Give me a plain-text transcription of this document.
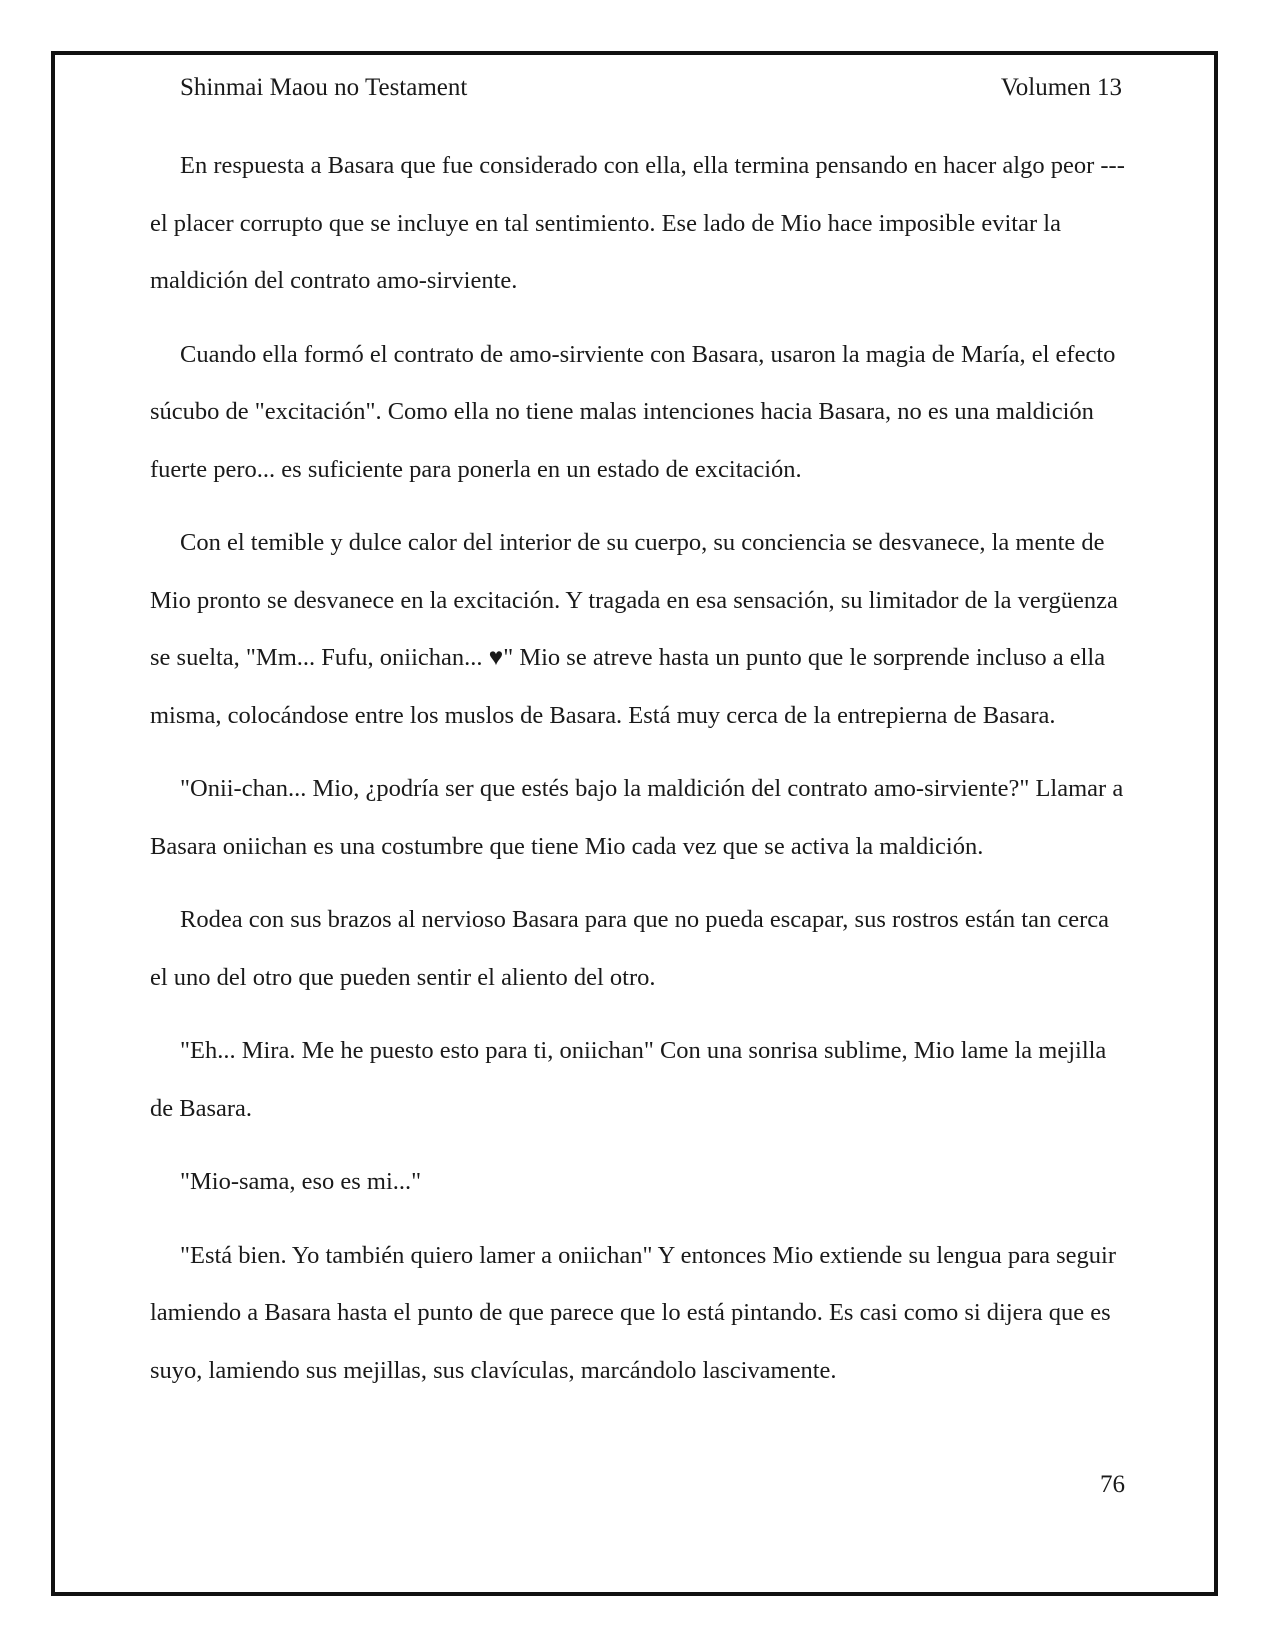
Shinmai Maou no Testament	Volumen 13

En respuesta a Basara que fue considerado con ella, ella termina pensando en hacer algo peor --- el placer corrupto que se incluye en tal sentimiento. Ese lado de Mio hace imposible evitar la maldición del contrato amo-sirviente.

Cuando ella formó el contrato de amo-sirviente con Basara, usaron la magia de María, el efecto súcubo de "excitación". Como ella no tiene malas intenciones hacia Basara, no es una maldición fuerte pero... es suficiente para ponerla en un estado de excitación.

Con el temible y dulce calor del interior de su cuerpo, su conciencia se desvanece, la mente de Mio pronto se desvanece en la excitación. Y tragada en esa sensación, su limitador de la vergüenza se suelta, "Mm... Fufu, oniichan... ♥" Mio se atreve hasta un punto que le sorprende incluso a ella misma, colocándose entre los muslos de Basara. Está muy cerca de la entrepierna de Basara.

"Onii-chan... Mio, ¿podría ser que estés bajo la maldición del contrato amo-sirviente?" Llamar a Basara oniichan es una costumbre que tiene Mio cada vez que se activa la maldición.

Rodea con sus brazos al nervioso Basara para que no pueda escapar, sus rostros están tan cerca el uno del otro que pueden sentir el aliento del otro.

"Eh... Mira. Me he puesto esto para ti, oniichan" Con una sonrisa sublime, Mio lame la mejilla de Basara.

"Mio-sama, eso es mi..."

"Está bien. Yo también quiero lamer a oniichan" Y entonces Mio extiende su lengua para seguir lamiendo a Basara hasta el punto de que parece que lo está pintando. Es casi como si dijera que es suyo, lamiendo sus mejillas, sus clavículas, marcándolo lascivamente.

76
